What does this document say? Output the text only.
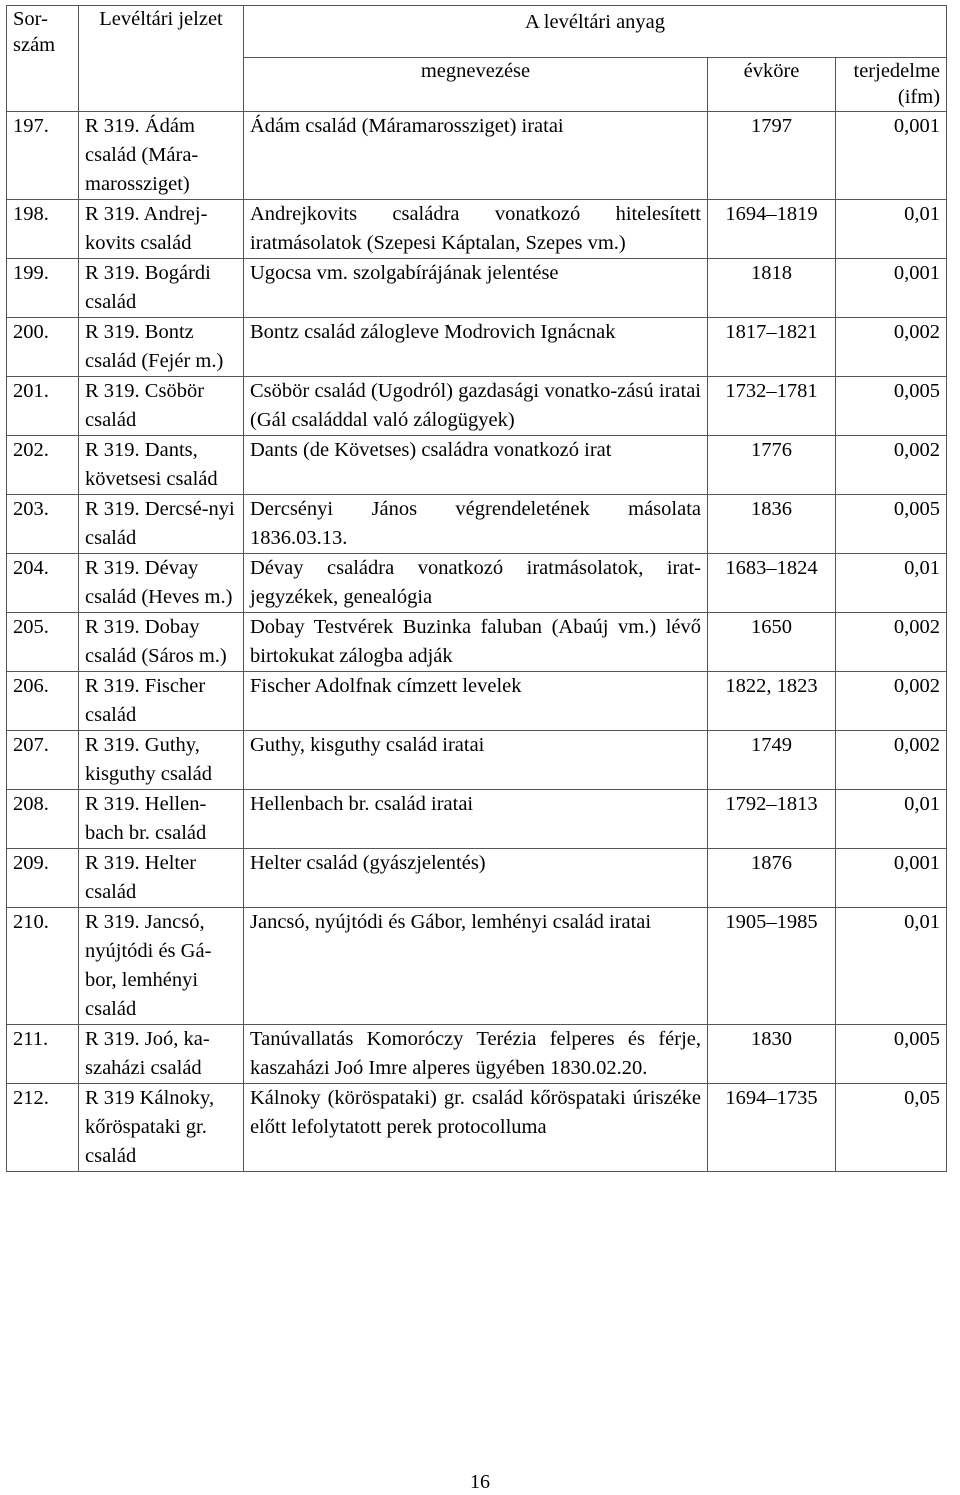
Sor-szám	Levéltári jelzet	A levéltári anyag		
		megnevezése	évköre	terjedelme (ifm)
197.	R 319. Ádám család (Mára-marossziget)	Ádám család (Máramarossziget) iratai	1797	0,001
198.	R 319. Andrej-kovits család	Andrejkovits családra vonatkozó hitelesített iratmásolatok (Szepesi Káptalan, Szepes vm.)	1694–1819	0,01
199.	R 319. Bogárdi család	Ugocsa vm. szolgabírájának jelentése	1818	0,001
200.	R 319. Bontz család (Fejér m.)	Bontz család zálogleve Modrovich Ignácnak	1817–1821	0,002
201.	R 319. Csöbör család	Csöbör család (Ugodról) gazdasági vonatko-zású iratai (Gál családdal való zálogügyek)	1732–1781	0,005
202.	R 319. Dants, követsesi család	Dants (de Követses) családra vonatkozó irat	1776	0,002
203.	R 319. Dercsé-nyi család	Dercsényi János végrendeletének másolata 1836.03.13.	1836	0,005
204.	R 319. Dévay család (Heves m.)	Dévay családra vonatkozó iratmásolatok, irat-jegyzékek, genealógia	1683–1824	0,01
205.	R 319. Dobay család (Sáros m.)	Dobay Testvérek Buzinka faluban (Abaúj vm.) lévő birtokukat zálogba adják	1650	0,002
206.	R 319. Fischer család	Fischer Adolfnak címzett levelek	1822, 1823	0,002
207.	R 319. Guthy, kisguthy család	Guthy, kisguthy család iratai	1749	0,002
208.	R 319. Hellen-bach br. család	Hellenbach br. család iratai	1792–1813	0,01
209.	R 319. Helter család	Helter család (gyászjelentés)	1876	0,001
210.	R 319. Jancsó, nyújtódi és Gá-bor, lemhényi család	Jancsó, nyújtódi és Gábor, lemhényi család iratai	1905–1985	0,01
211.	R 319. Joó, ka-szaházi család	Tanúvallatás Komoróczy Terézia felperes és férje, kaszaházi Joó Imre alperes ügyében 1830.02.20.	1830	0,005
212.	R 319 Kálnoky, kőröspataki gr. család	Kálnoky (köröspataki) gr. család kőröspataki úriszéke előtt lefolytatott perek protocolluma	1694–1735	0,05
16
